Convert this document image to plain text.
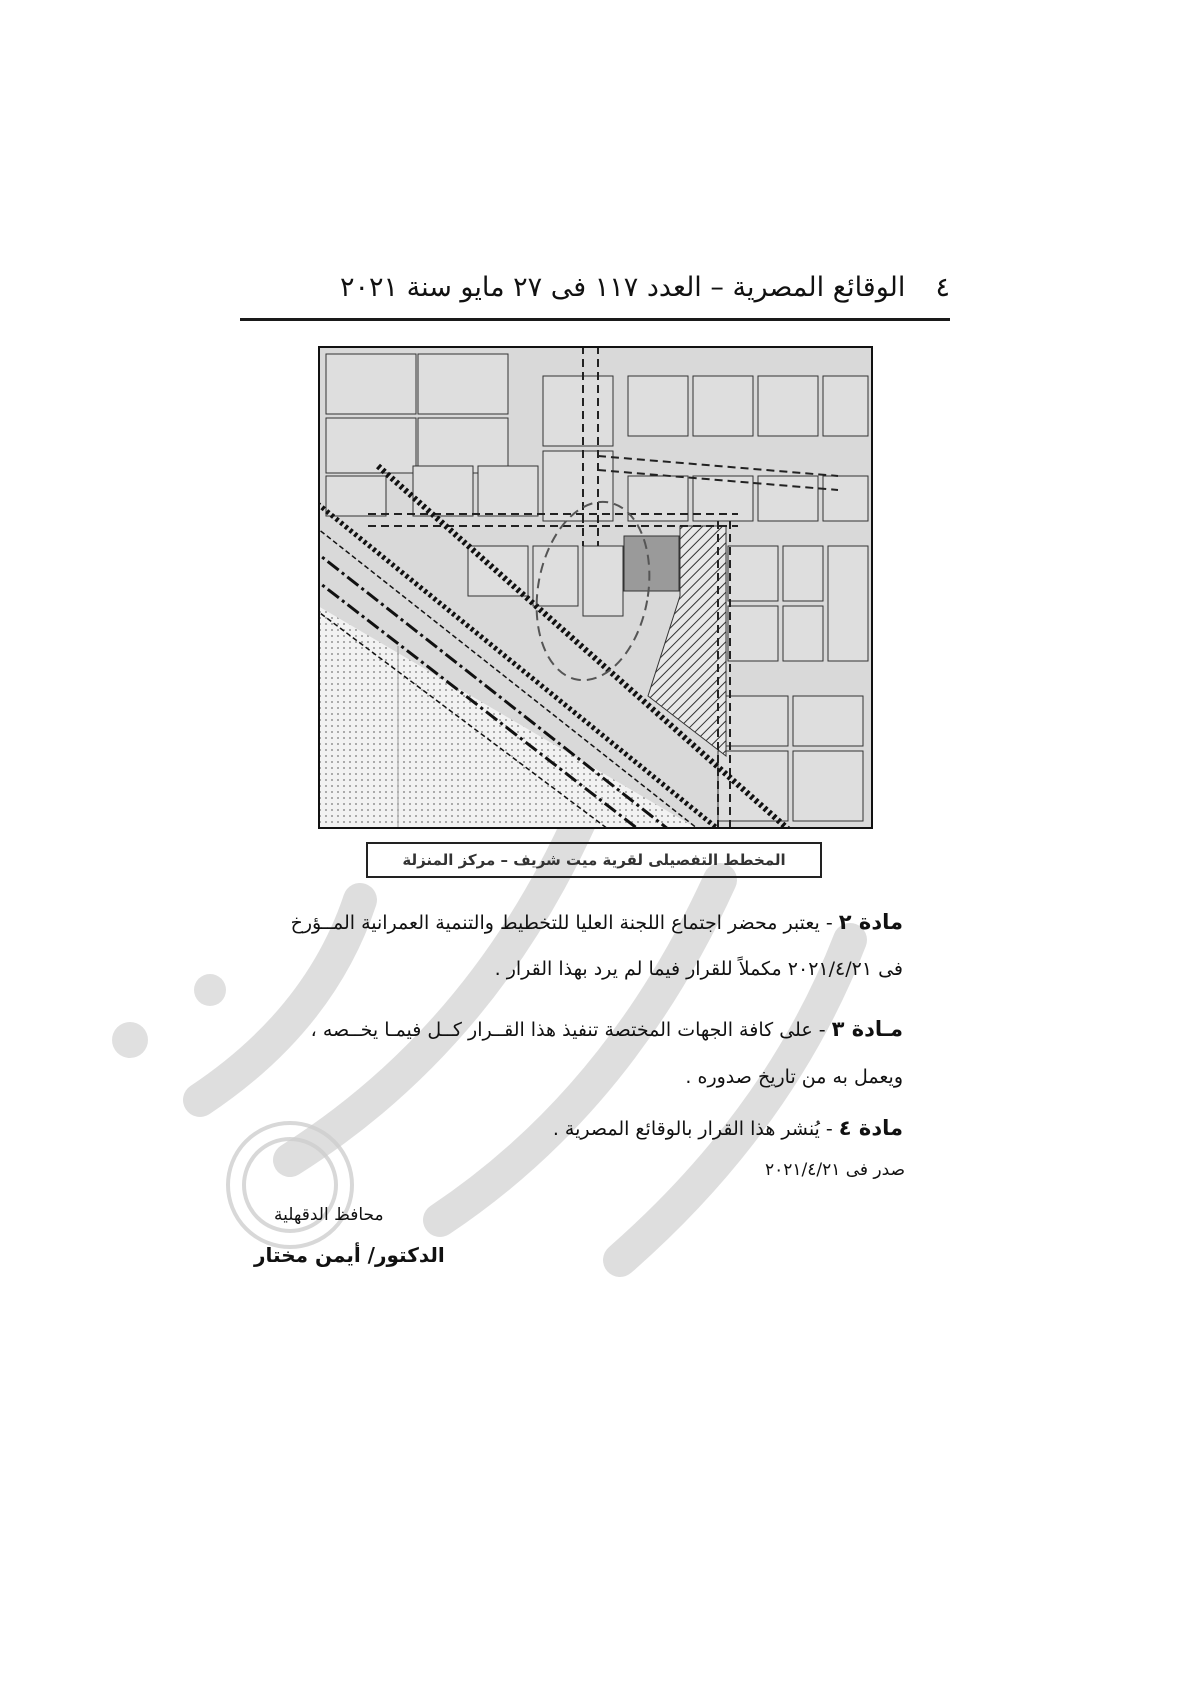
٤
الوقائع المصرية – العدد ١١٧ فى ٢٧ مايو سنة ٢٠٢١
المخطط التفصيلى لقرية ميت شريف – مركز المنزلة
مادة ٢ - يعتبر محضر اجتماع اللجنة العليا للتخطيط والتنمية العمرانية المــؤرخ
فى ٢٠٢١/٤/٢١ مكملاً للقرار فيما لم يرد بهذا القرار .
مـادة ٣ - على كافة الجهات المختصة تنفيذ هذا القــرار كــل فيمـا يخــصه ،
ويعمل به من تاريخ صدوره .
مادة ٤ - يُنشر هذا القرار بالوقائع المصرية .
صدر فى ٢٠٢١/٤/٢١
محافظ الدقهلية
الدكتور/ أيمن مختار
